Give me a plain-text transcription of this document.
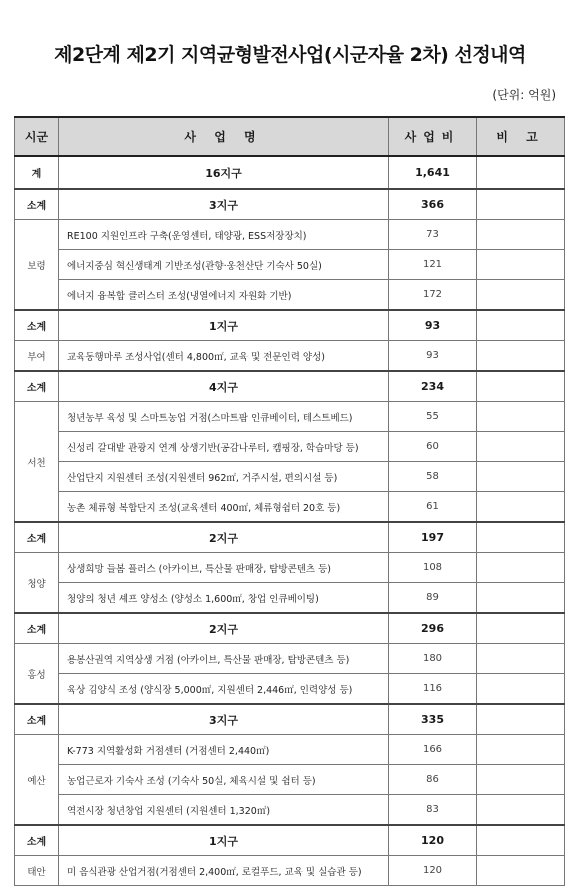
제2단계 제2기 지역균형발전사업(시군자율 2차) 선정내역
(단위: 억원)
시군	사 업 명	사업비	비 고
계	16지구	1,641	
소계	3지구	366	
보령	RE100 지원인프라 구축(운영센터, 태양광, ESS저장장치)	73	
	에너지중심 혁신생태계 기반조성(관향·웅천산단 기숙사 50실)	121	
	에너지 융복합 클러스터 조성(냉열에너지 자원화 기반)	172	
소계	1지구	93	
부여	교육동행마루 조성사업(센터 4,800㎡, 교육 및 전문인력 양성)	93	
소계	4지구	234	
서천	청년농부 육성 및 스마트농업 거점(스마트팜 인큐베이터, 테스트베드)	55	
	신성리 갈대밭 관광지 연계 상생기반(공감나루터, 캠핑장, 학습마당 등)	60	
	산업단지 지원센터 조성(지원센터 962㎡, 거주시설, 편의시설 등)	58	
	농촌 체류형 복합단지 조성(교육센터 400㎡, 체류형쉼터 20호 등)	61	
소계	2지구	197	
청양	상생희망 들봄 플러스 (아카이브, 특산물 판매장, 탐방콘텐츠 등)	108	
	청양의 청년 셰프 양성소 (양성소 1,600㎡, 창업 인큐베이팅)	89	
소계	2지구	296	
홍성	용봉산권역 지역상생 거점 (아카이브, 특산물 판매장, 탐방콘텐츠 등)	180	
	육상 김양식 조성 (양식장 5,000㎡, 지원센터 2,446㎡, 인력양성 등)	116	
소계	3지구	335	
예산	K-773 지역활성화 거점센터 (거점센터 2,440㎡)	166	
	농업근로자 기숙사 조성 (기숙사 50실, 체육시설 및 쉼터 등)	86	
	역전시장 청년창업 지원센터 (지원센터 1,320㎡)	83	
소계	1지구	120	
태안	미 음식관광 산업거점(거점센터 2,400㎡, 로컬푸드, 교육 및 실습관 등)	120	
